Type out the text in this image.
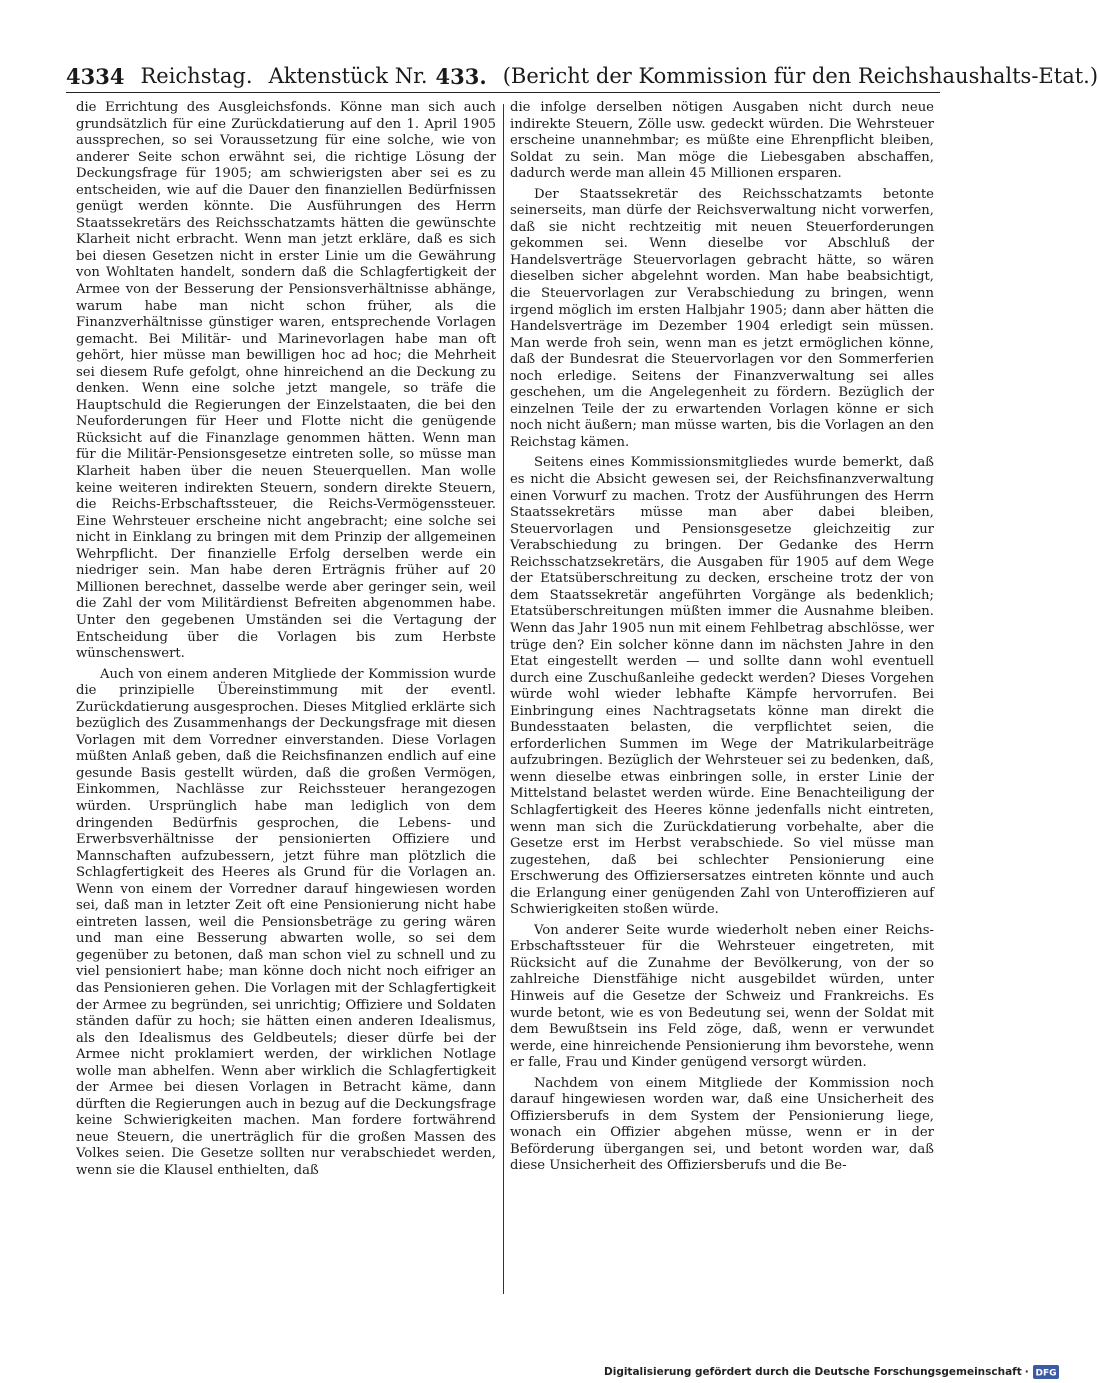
4334 Reichstag. Aktenstück Nr. 433. (Bericht der Kommission für den Reichshaushalts-Etat.)

die Errichtung des Ausgleichsfonds. Könne man sich auch grundsätzlich für eine Zurückdatierung auf den 1. April 1905 aussprechen, so sei Voraussetzung für eine solche, wie von anderer Seite schon erwähnt sei, die richtige Lösung der Deckungsfrage für 1905; am schwierigsten aber sei es zu entscheiden, wie auf die Dauer den finanziellen Bedürfnissen genügt werden könnte. Die Ausführungen des Herrn Staatssekretärs des Reichsschatzamts hätten die gewünschte Klarheit nicht erbracht. Wenn man jetzt erkläre, daß es sich bei diesen Gesetzen nicht in erster Linie um die Gewährung von Wohltaten handelt, sondern daß die Schlagfertigkeit der Armee von der Besserung der Pensionsverhältnisse abhänge, warum habe man nicht schon früher, als die Finanzverhältnisse günstiger waren, entsprechende Vorlagen gemacht. Bei Militär- und Marinevorlagen habe man oft gehört, hier müsse man bewilligen hoc ad hoc; die Mehrheit sei diesem Rufe gefolgt, ohne hinreichend an die Deckung zu denken. Wenn eine solche jetzt mangele, so träfe die Hauptschuld die Regierungen der Einzelstaaten, die bei den Neuforderungen für Heer und Flotte nicht die genügende Rücksicht auf die Finanzlage genommen hätten. Wenn man für die Militär-Pensionsgesetze eintreten solle, so müsse man Klarheit haben über die neuen Steuerquellen. Man wolle keine weiteren indirekten Steuern, sondern direkte Steuern, die Reichs-Erbschaftssteuer, die Reichs-Vermögenssteuer. Eine Wehrsteuer erscheine nicht angebracht; eine solche sei nicht in Einklang zu bringen mit dem Prinzip der allgemeinen Wehrpflicht. Der finanzielle Erfolg derselben werde ein niedriger sein. Man habe deren Erträgnis früher auf 20 Millionen berechnet, dasselbe werde aber geringer sein, weil die Zahl der vom Militärdienst Befreiten abgenommen habe. Unter den gegebenen Umständen sei die Vertagung der Entscheidung über die Vorlagen bis zum Herbste wünschenswert.

Auch von einem anderen Mitgliede der Kommission wurde die prinzipielle Übereinstimmung mit der eventl. Zurückdatierung ausgesprochen. Dieses Mitglied erklärte sich bezüglich des Zusammenhangs der Deckungsfrage mit diesen Vorlagen mit dem Vorredner einverstanden. Diese Vorlagen müßten Anlaß geben, daß die Reichsfinanzen endlich auf eine gesunde Basis gestellt würden, daß die großen Vermögen, Einkommen, Nachlässe zur Reichssteuer herangezogen würden. Ursprünglich habe man lediglich von dem dringenden Bedürfnis gesprochen, die Lebens- und Erwerbsverhältnisse der pensionierten Offiziere und Mannschaften aufzubessern, jetzt führe man plötzlich die Schlagfertigkeit des Heeres als Grund für die Vorlagen an. Wenn von einem der Vorredner darauf hingewiesen worden sei, daß man in letzter Zeit oft eine Pensionierung nicht habe eintreten lassen, weil die Pensionsbeträge zu gering wären und man eine Besserung abwarten wolle, so sei dem gegenüber zu betonen, daß man schon viel zu schnell und zu viel pensioniert habe; man könne doch nicht noch eifriger an das Pensionieren gehen. Die Vorlagen mit der Schlagfertigkeit der Armee zu begründen, sei unrichtig; Offiziere und Soldaten ständen dafür zu hoch; sie hätten einen anderen Idealismus, als den Idealismus des Geldbeutels; dieser dürfe bei der Armee nicht proklamiert werden, der wirklichen Notlage wolle man abhelfen. Wenn aber wirklich die Schlagfertigkeit der Armee bei diesen Vorlagen in Betracht käme, dann dürften die Regierungen auch in bezug auf die Deckungsfrage keine Schwierigkeiten machen. Man fordere fortwährend neue Steuern, die unerträglich für die großen Massen des Volkes seien. Die Gesetze sollten nur verabschiedet werden, wenn sie die Klausel enthielten, daß

die infolge derselben nötigen Ausgaben nicht durch neue indirekte Steuern, Zölle usw. gedeckt würden. Die Wehrsteuer erscheine unannehmbar; es müßte eine Ehrenpflicht bleiben, Soldat zu sein. Man möge die Liebesgaben abschaffen, dadurch werde man allein 45 Millionen ersparen.

Der Staatssekretär des Reichsschatzamts betonte seinerseits, man dürfe der Reichsverwaltung nicht vorwerfen, daß sie nicht rechtzeitig mit neuen Steuerforderungen gekommen sei. Wenn dieselbe vor Abschluß der Handelsverträge Steuervorlagen gebracht hätte, so wären dieselben sicher abgelehnt worden. Man habe beabsichtigt, die Steuervorlagen zur Verabschiedung zu bringen, wenn irgend möglich im ersten Halbjahr 1905; dann aber hätten die Handelsverträge im Dezember 1904 erledigt sein müssen. Man werde froh sein, wenn man es jetzt ermöglichen könne, daß der Bundesrat die Steuervorlagen vor den Sommerferien noch erledige. Seitens der Finanzverwaltung sei alles geschehen, um die Angelegenheit zu fördern. Bezüglich der einzelnen Teile der zu erwartenden Vorlagen könne er sich noch nicht äußern; man müsse warten, bis die Vorlagen an den Reichstag kämen.

Seitens eines Kommissionsmitgliedes wurde bemerkt, daß es nicht die Absicht gewesen sei, der Reichsfinanzverwaltung einen Vorwurf zu machen. Trotz der Ausführungen des Herrn Staatssekretärs müsse man aber dabei bleiben, Steuervorlagen und Pensionsgesetze gleichzeitig zur Verabschiedung zu bringen. Der Gedanke des Herrn Reichsschatzsekretärs, die Ausgaben für 1905 auf dem Wege der Etatsüberschreitung zu decken, erscheine trotz der von dem Staatssekretär angeführten Vorgänge als bedenklich; Etatsüberschreitungen müßten immer die Ausnahme bleiben. Wenn das Jahr 1905 nun mit einem Fehlbetrag abschlösse, wer trüge den? Ein solcher könne dann im nächsten Jahre in den Etat eingestellt werden — und sollte dann wohl eventuell durch eine Zuschußanleihe gedeckt werden? Dieses Vorgehen würde wohl wieder lebhafte Kämpfe hervorrufen. Bei Einbringung eines Nachtragsetats könne man direkt die Bundesstaaten belasten, die verpflichtet seien, die erforderlichen Summen im Wege der Matrikularbeiträge aufzubringen. Bezüglich der Wehrsteuer sei zu bedenken, daß, wenn dieselbe etwas einbringen solle, in erster Linie der Mittelstand belastet werden würde. Eine Benachteiligung der Schlagfertigkeit des Heeres könne jedenfalls nicht eintreten, wenn man sich die Zurückdatierung vorbehalte, aber die Gesetze erst im Herbst verabschiede. So viel müsse man zugestehen, daß bei schlechter Pensionierung eine Erschwerung des Offiziersersatzes eintreten könnte und auch die Erlangung einer genügenden Zahl von Unteroffizieren auf Schwierigkeiten stoßen würde.

Von anderer Seite wurde wiederholt neben einer Reichs-Erbschaftssteuer für die Wehrsteuer eingetreten, mit Rücksicht auf die Zunahme der Bevölkerung, von der so zahlreiche Dienstfähige nicht ausgebildet würden, unter Hinweis auf die Gesetze der Schweiz und Frankreichs. Es wurde betont, wie es von Bedeutung sei, wenn der Soldat mit dem Bewußtsein ins Feld zöge, daß, wenn er verwundet werde, eine hinreichende Pensionierung ihm bevorstehe, wenn er falle, Frau und Kinder genügend versorgt würden.

Nachdem von einem Mitgliede der Kommission noch darauf hingewiesen worden war, daß eine Unsicherheit des Offiziersberufs in dem System der Pensionierung liege, wonach ein Offizier abgehen müsse, wenn er in der Beförderung übergangen sei, und betont worden war, daß diese Unsicherheit des Offiziersberufs und die Be-

Digitalisierung gefördert durch die Deutsche Forschungsgemeinschaft · DFG
